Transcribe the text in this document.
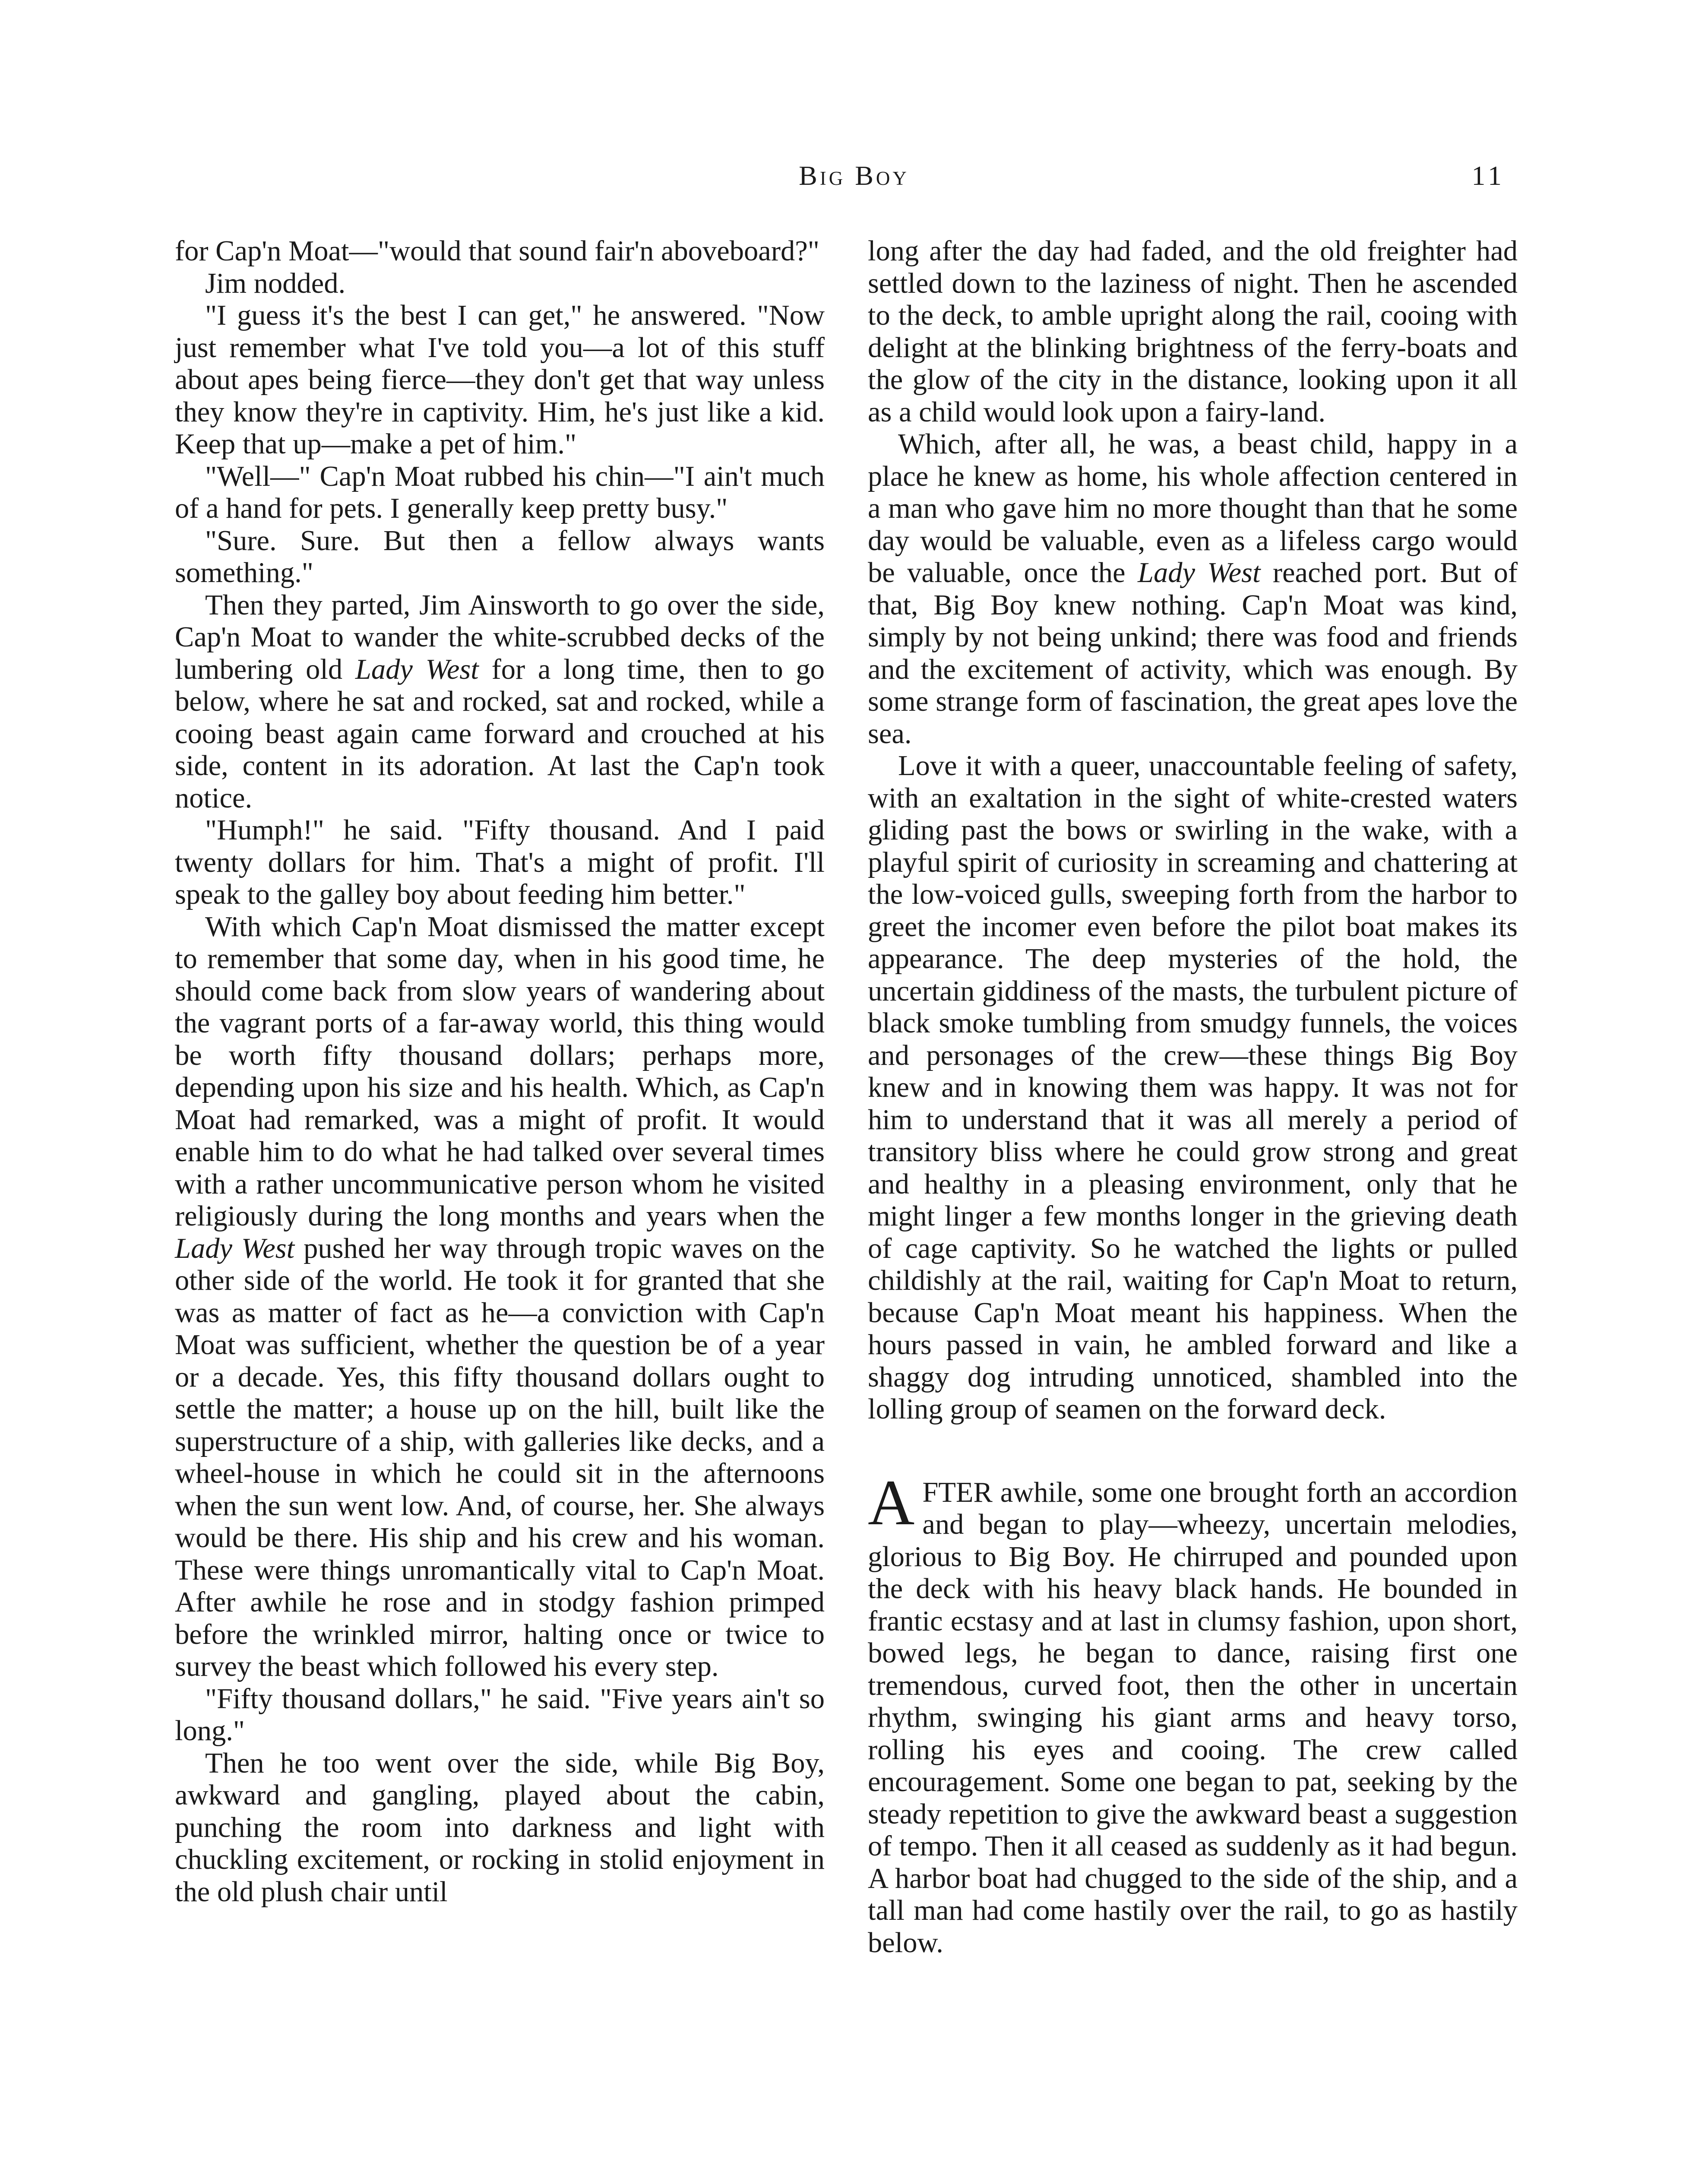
Big Boy	11

for Cap'n Moat—"would that sound fair'n aboveboard?"

Jim nodded.

"I guess it's the best I can get," he answered. "Now just remember what I've told you—a lot of this stuff about apes being fierce—they don't get that way unless they know they're in captivity. Him, he's just like a kid. Keep that up—make a pet of him."

"Well—" Cap'n Moat rubbed his chin—"I ain't much of a hand for pets. I generally keep pretty busy."

"Sure. Sure. But then a fellow always wants something."

Then they parted, Jim Ainsworth to go over the side, Cap'n Moat to wander the white-scrubbed decks of the lumbering old Lady West for a long time, then to go below, where he sat and rocked, sat and rocked, while a cooing beast again came forward and crouched at his side, content in its adoration. At last the Cap'n took notice.

"Humph!" he said. "Fifty thousand. And I paid twenty dollars for him. That's a might of profit. I'll speak to the galley boy about feeding him better."

With which Cap'n Moat dismissed the matter except to remember that some day, when in his good time, he should come back from slow years of wandering about the vagrant ports of a far-away world, this thing would be worth fifty thousand dollars; perhaps more, depending upon his size and his health. Which, as Cap'n Moat had remarked, was a might of profit. It would enable him to do what he had talked over several times with a rather uncommunicative person whom he visited religiously during the long months and years when the Lady West pushed her way through tropic waves on the other side of the world. He took it for granted that she was as matter of fact as he—a conviction with Cap'n Moat was sufficient, whether the question be of a year or a decade. Yes, this fifty thousand dollars ought to settle the matter; a house up on the hill, built like the superstructure of a ship, with galleries like decks, and a wheel-house in which he could sit in the afternoons when the sun went low. And, of course, her. She always would be there. His ship and his crew and his woman. These were things unromantically vital to Cap'n Moat. After awhile he rose and in stodgy fashion primped before the wrinkled mirror, halting once or twice to survey the beast which followed his every step.

"Fifty thousand dollars," he said. "Five years ain't so long."

Then he too went over the side, while Big Boy, awkward and gangling, played about the cabin, punching the room into darkness and light with chuckling excitement, or rocking in stolid enjoyment in the old plush chair until

long after the day had faded, and the old freighter had settled down to the laziness of night. Then he ascended to the deck, to amble upright along the rail, cooing with delight at the blinking brightness of the ferry-boats and the glow of the city in the distance, looking upon it all as a child would look upon a fairy-land.

Which, after all, he was, a beast child, happy in a place he knew as home, his whole affection centered in a man who gave him no more thought than that he some day would be valuable, even as a lifeless cargo would be valuable, once the Lady West reached port. But of that, Big Boy knew nothing. Cap'n Moat was kind, simply by not being unkind; there was food and friends and the excitement of activity, which was enough. By some strange form of fascination, the great apes love the sea.

Love it with a queer, unaccountable feeling of safety, with an exaltation in the sight of white-crested waters gliding past the bows or swirling in the wake, with a playful spirit of curiosity in screaming and chattering at the low-voiced gulls, sweeping forth from the harbor to greet the incomer even before the pilot boat makes its appearance. The deep mysteries of the hold, the uncertain giddiness of the masts, the turbulent picture of black smoke tumbling from smudgy funnels, the voices and personages of the crew—these things Big Boy knew and in knowing them was happy. It was not for him to understand that it was all merely a period of transitory bliss where he could grow strong and great and healthy in a pleasing environment, only that he might linger a few months longer in the grieving death of cage captivity. So he watched the lights or pulled childishly at the rail, waiting for Cap'n Moat to return, because Cap'n Moat meant his happiness. When the hours passed in vain, he ambled forward and like a shaggy dog intruding unnoticed, shambled into the lolling group of seamen on the forward deck.

AFTER awhile, some one brought forth an accordion and began to play—wheezy, uncertain melodies, glorious to Big Boy. He chirruped and pounded upon the deck with his heavy black hands. He bounded in frantic ecstasy and at last in clumsy fashion, upon short, bowed legs, he began to dance, raising first one tremendous, curved foot, then the other in uncertain rhythm, swinging his giant arms and heavy torso, rolling his eyes and cooing. The crew called encouragement. Some one began to pat, seeking by the steady repetition to give the awkward beast a suggestion of tempo. Then it all ceased as suddenly as it had begun. A harbor boat had chugged to the side of the ship, and a tall man had come hastily over the rail, to go as hastily below.
